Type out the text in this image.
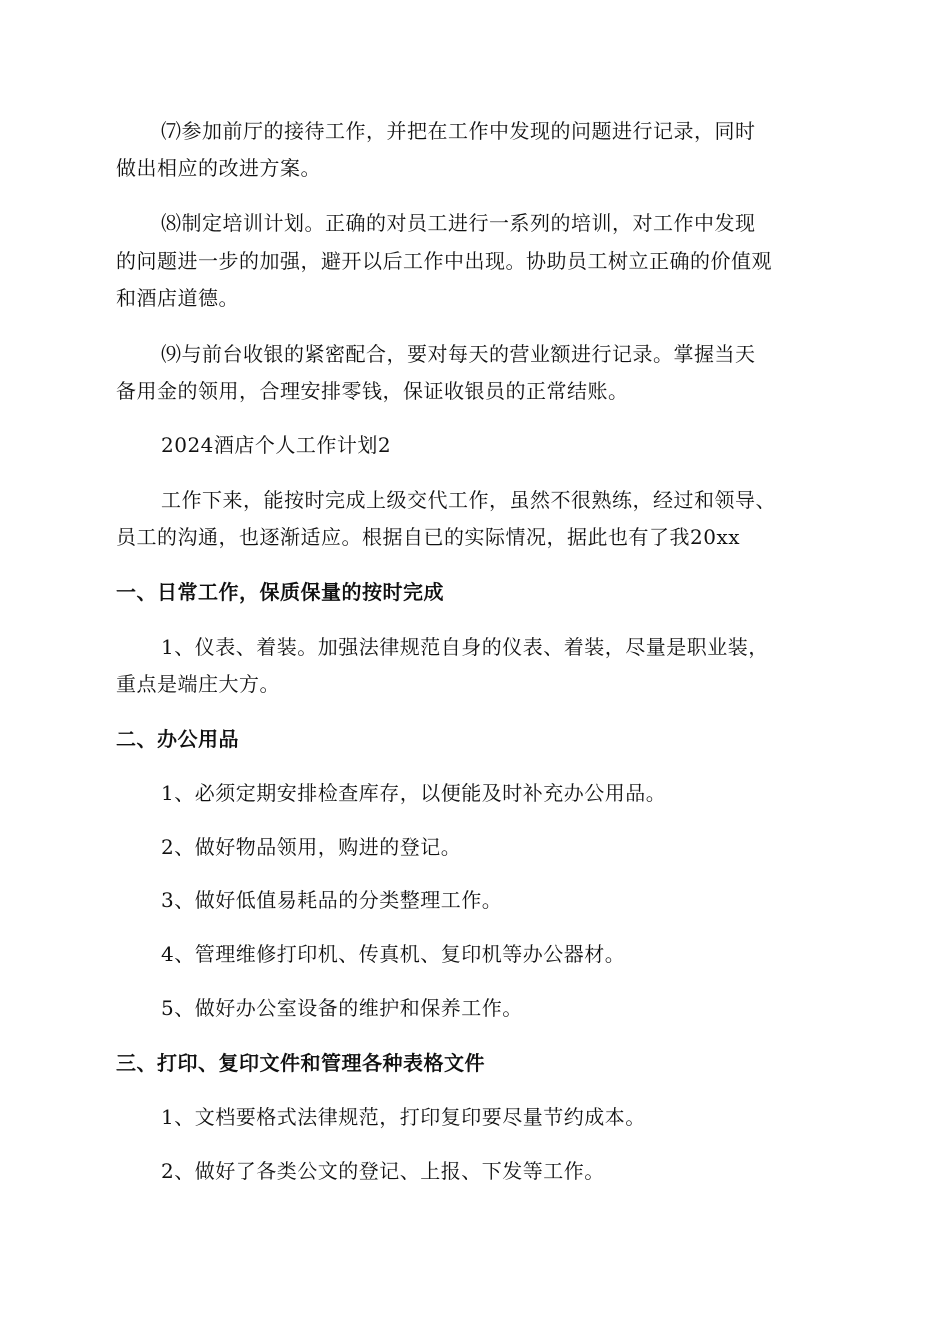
⑺参加前厅的接待工作，并把在工作中发现的问题进行记录，同时
做出相应的改进方案。
⑻制定培训计划。正确的对员工进行一系列的培训，对工作中发现
的问题进一步的加强，避开以后工作中出现。协助员工树立正确的价值观
和酒店道德。
⑼与前台收银的紧密配合，要对每天的营业额进行记录。掌握当天
备用金的领用，合理安排零钱，保证收银员的正常结账。
2024酒店个人工作计划2
工作下来，能按时完成上级交代工作，虽然不很熟练，经过和领导、
员工的沟通，也逐渐适应。根据自已的实际情况，据此也有了我20xx
一、日常工作，保质保量的按时完成
1、仪表、着装。加强法律规范自身的仪表、着装，尽量是职业装，
重点是端庄大方。
二、办公用品
1、必须定期安排检查库存，以便能及时补充办公用品。
2、做好物品领用，购进的登记。
3、做好低值易耗品的分类整理工作。
4、管理维修打印机、传真机、复印机等办公器材。
5、做好办公室设备的维护和保养工作。
三、打印、复印文件和管理各种表格文件
1、文档要格式法律规范，打印复印要尽量节约成本。
2、做好了各类公文的登记、上报、下发等工作。
